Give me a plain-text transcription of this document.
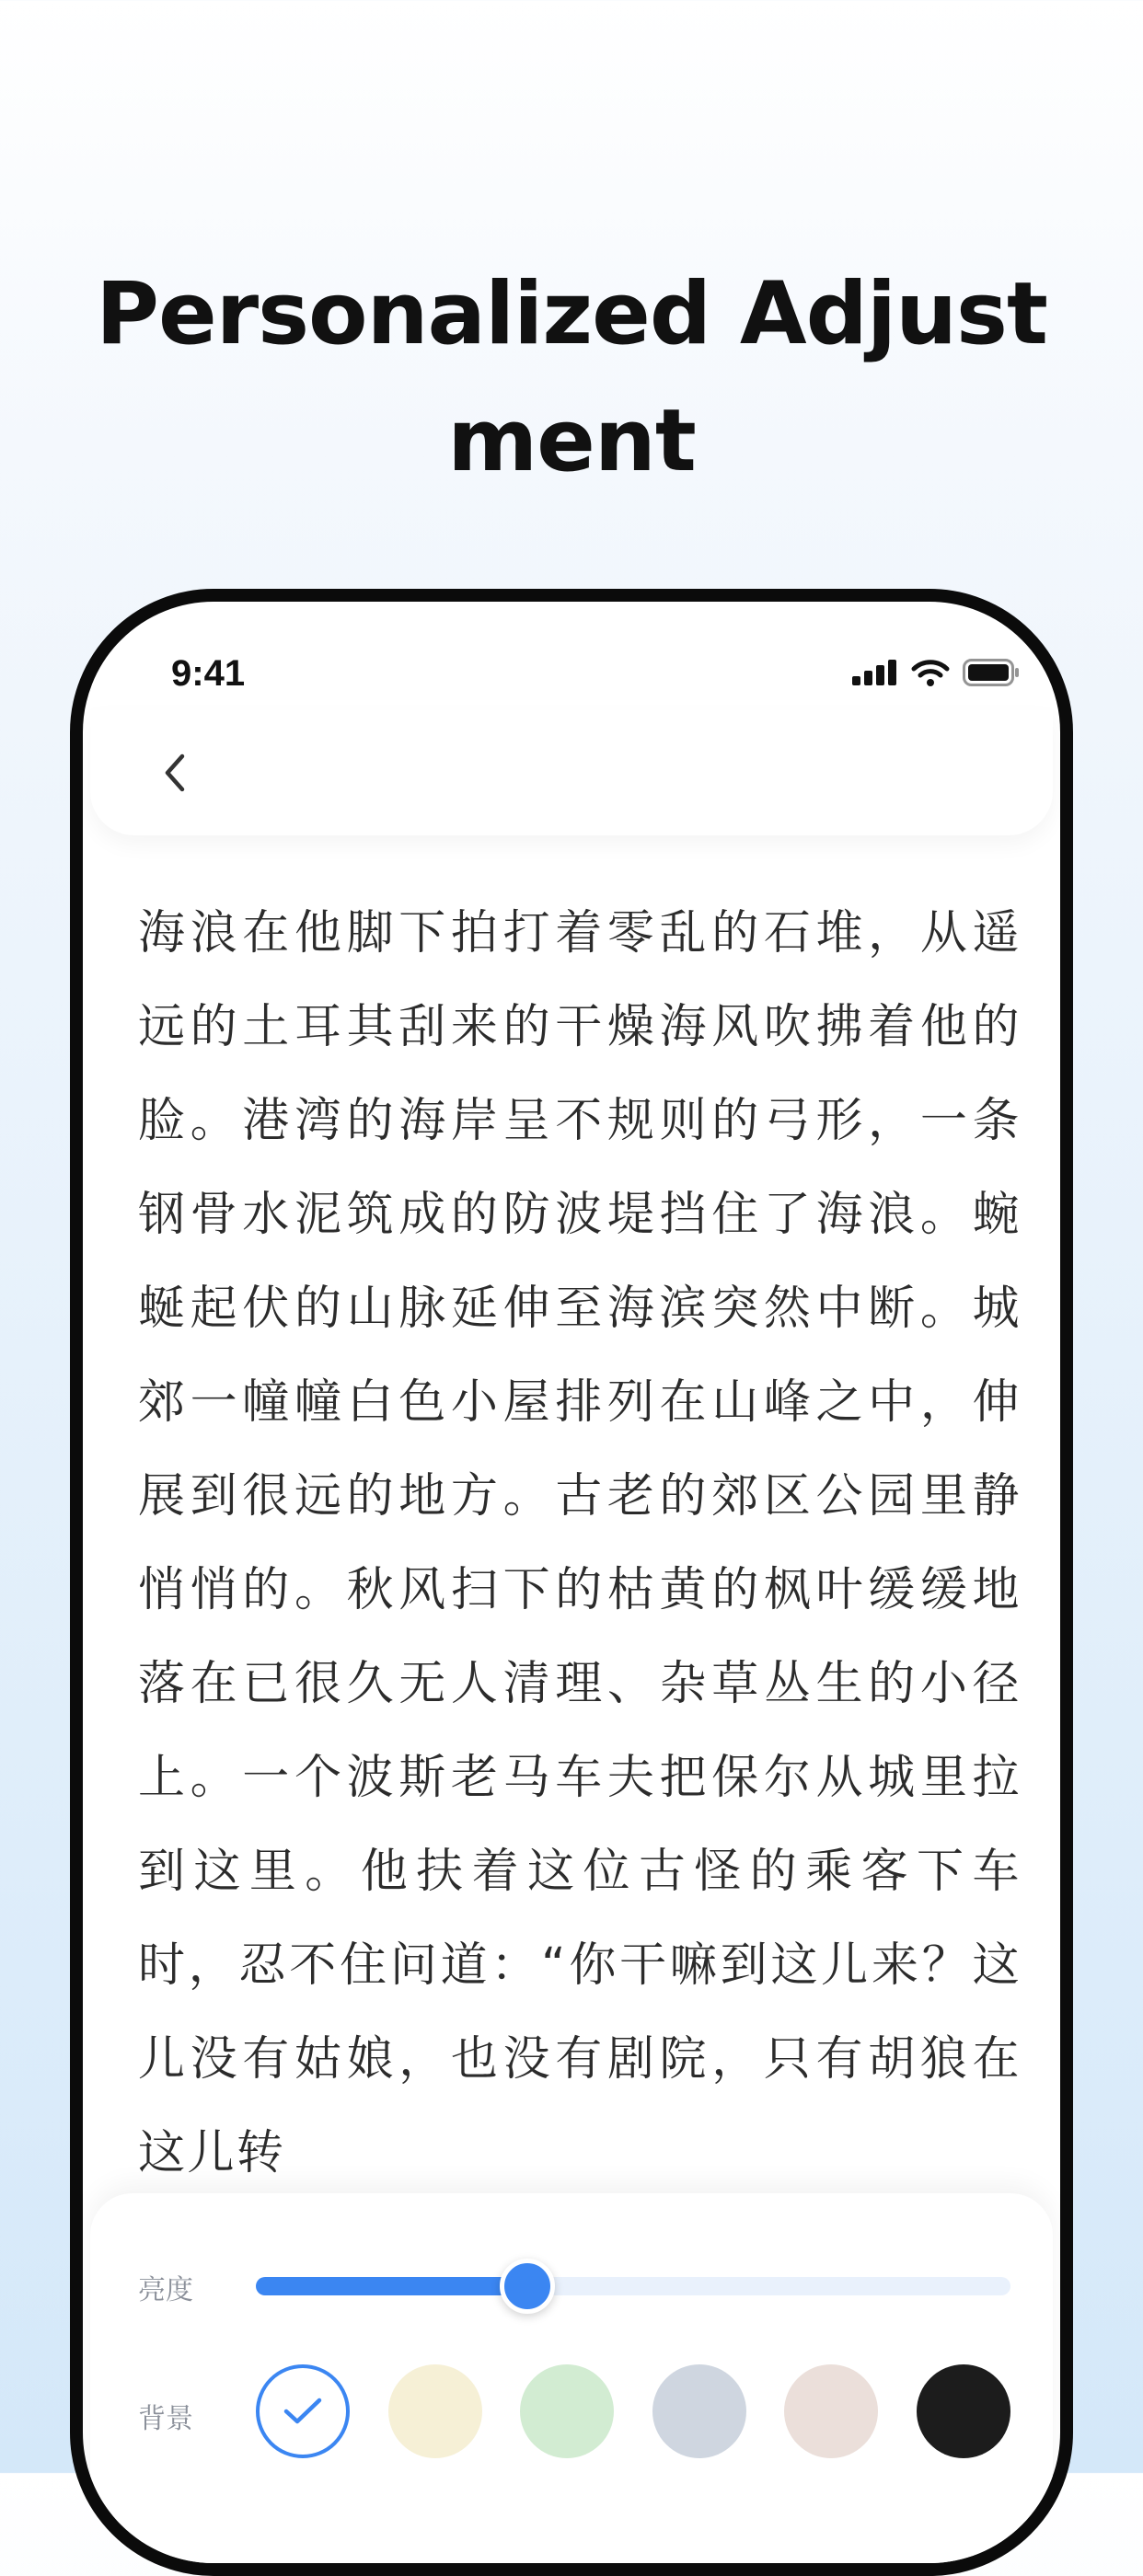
Personalized Adjust
ment
9:41
海浪在他脚下拍打着零乱的石堆，从遥远的土耳其刮来的干燥海风吹拂着他的脸。港湾的海岸呈不规则的弓形，一条钢骨水泥筑成的防波堤挡住了海浪。蜿蜒起伏的山脉延伸至海滨突然中断。城郊一幢幢白色小屋排列在山峰之中，伸展到很远的地方。古老的郊区公园里静悄悄的。秋风扫下的枯黄的枫叶缓缓地落在已很久无人清理、杂草丛生的小径上。一个波斯老马车夫把保尔从城里拉到这里。他扶着这位古怪的乘客下车时，忍不住问道：“你干嘛到这儿来？这儿没有姑娘，也没有剧院，只有胡狼在这儿转
亮度
背景
